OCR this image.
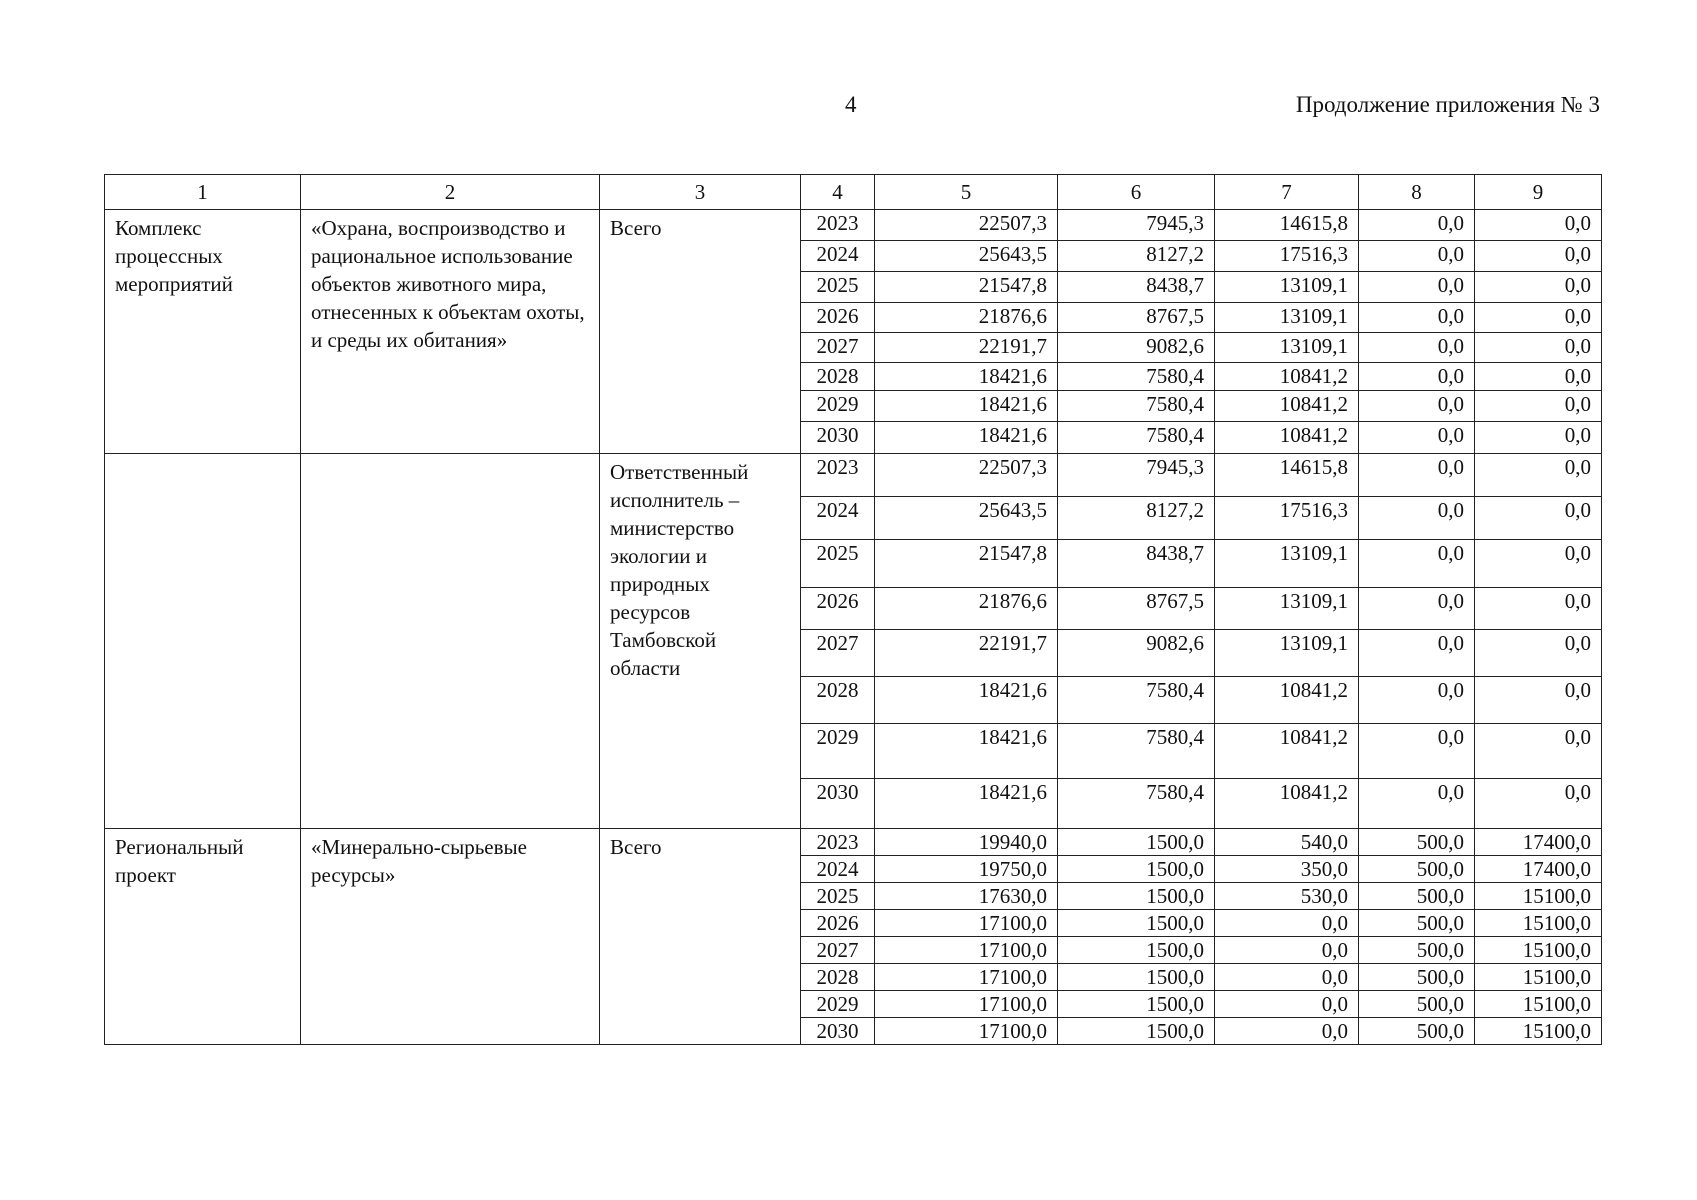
4	Продолжение приложения № 3
1	2	3	4	5	6	7	8	9
Комплекс процессных мероприятий	«Охрана, воспроизводство и рациональное использование объектов животного мира, отнесенных к объектам охоты, и среды их обитания»	Всего	2023	22507,3	7945,3	14615,8	0,0	0,0
			2024	25643,5	8127,2	17516,3	0,0	0,0
			2025	21547,8	8438,7	13109,1	0,0	0,0
			2026	21876,6	8767,5	13109,1	0,0	0,0
			2027	22191,7	9082,6	13109,1	0,0	0,0
			2028	18421,6	7580,4	10841,2	0,0	0,0
			2029	18421,6	7580,4	10841,2	0,0	0,0
			2030	18421,6	7580,4	10841,2	0,0	0,0
		Ответственный исполнитель – министерство экологии и природных ресурсов Тамбовской области	2023	22507,3	7945,3	14615,8	0,0	0,0
			2024	25643,5	8127,2	17516,3	0,0	0,0
			2025	21547,8	8438,7	13109,1	0,0	0,0
			2026	21876,6	8767,5	13109,1	0,0	0,0
			2027	22191,7	9082,6	13109,1	0,0	0,0
			2028	18421,6	7580,4	10841,2	0,0	0,0
			2029	18421,6	7580,4	10841,2	0,0	0,0
			2030	18421,6	7580,4	10841,2	0,0	0,0
Региональный проект	«Минерально-сырьевые ресурсы»	Всего	2023	19940,0	1500,0	540,0	500,0	17400,0
			2024	19750,0	1500,0	350,0	500,0	17400,0
			2025	17630,0	1500,0	530,0	500,0	15100,0
			2026	17100,0	1500,0	0,0	500,0	15100,0
			2027	17100,0	1500,0	0,0	500,0	15100,0
			2028	17100,0	1500,0	0,0	500,0	15100,0
			2029	17100,0	1500,0	0,0	500,0	15100,0
			2030	17100,0	1500,0	0,0	500,0	15100,0
